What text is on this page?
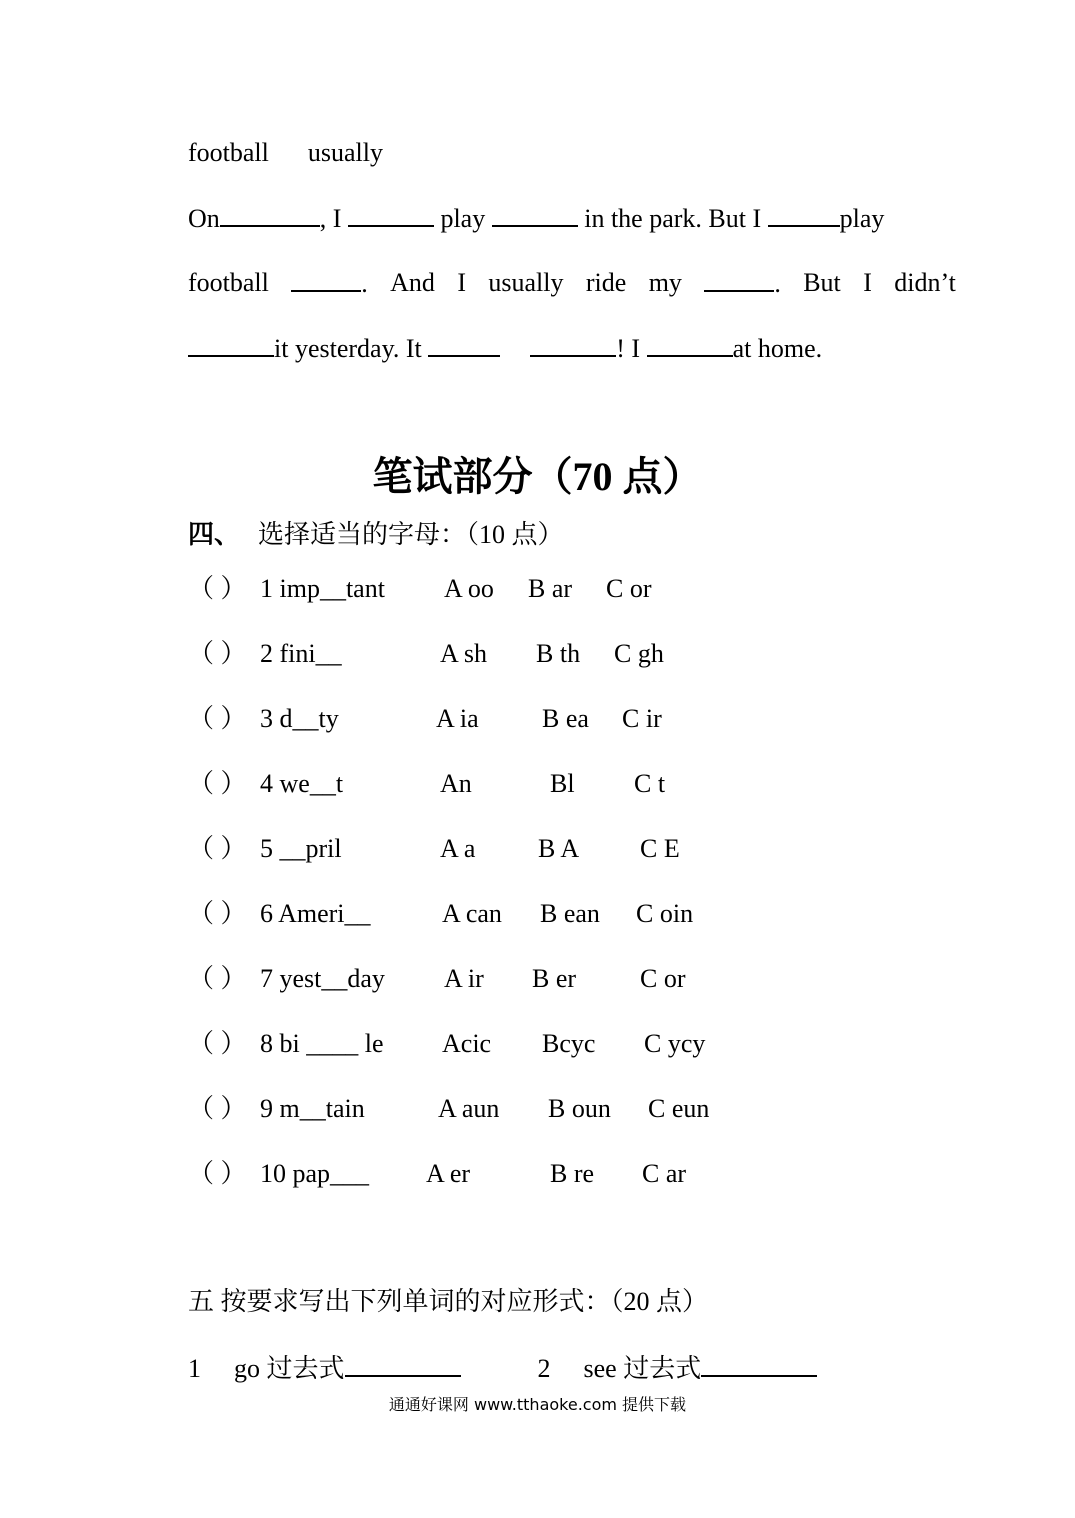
football usually
On	, I	play	in the park. But I	play
football	. And I usually ride my	. But I didn’t
it yesterday. It	! I	at home.
笔试部分（70 点）
四、 选择适当的字母：（10 点）
（ ） 1 imp__tant A oo B ar C or
（ ） 2 fini__	A sh B th C gh
（ ） 3 d__ty	A ia B ea C ir
（ ） 4 we__t	An	Bl C t
（ ） 5 __pril	A a B A C E
（ ） 6 Ameri__	A can B ean C oin
（ ） 7 yest__day A ir B er C or
（ ） 8 bi ____ le Acic Bcyc C ycy
（ ） 9 m__tain	A aun B oun C eun
（ ） 10 pap___ A er	B re C ar
五 按要求写出下列单词的对应形式：（20 点）
1 go 过去式	2 see 过去式
通通好课网 www.tthaoke.com 提供下载
